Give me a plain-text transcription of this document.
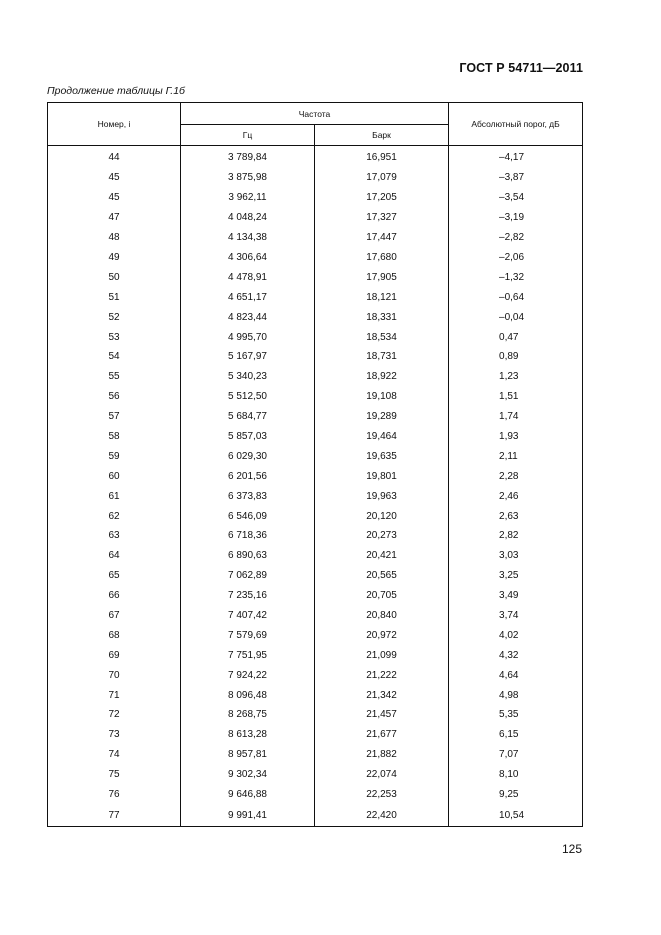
ГОСТ Р 54711—2011
Продолжение таблицы Г.1б
Номер, i	Частота		Абсолютный порог, дБ
	Гц	Барк	
44	3 789,84	16,951	–4,17
45	3 875,98	17,079	–3,87
45	3 962,11	17,205	–3,54
47	4 048,24	17,327	–3,19
48	4 134,38	17,447	–2,82
49	4 306,64	17,680	–2,06
50	4 478,91	17,905	–1,32
51	4 651,17	18,121	–0,64
52	4 823,44	18,331	–0,04
53	4 995,70	18,534	0,47
54	5 167,97	18,731	0,89
55	5 340,23	18,922	1,23
56	5 512,50	19,108	1,51
57	5 684,77	19,289	1,74
58	5 857,03	19,464	1,93
59	6 029,30	19,635	2,11
60	6 201,56	19,801	2,28
61	6 373,83	19,963	2,46
62	6 546,09	20,120	2,63
63	6 718,36	20,273	2,82
64	6 890,63	20,421	3,03
65	7 062,89	20,565	3,25
66	7 235,16	20,705	3,49
67	7 407,42	20,840	3,74
68	7 579,69	20,972	4,02
69	7 751,95	21,099	4,32
70	7 924,22	21,222	4,64
71	8 096,48	21,342	4,98
72	8 268,75	21,457	5,35
73	8 613,28	21,677	6,15
74	8 957,81	21,882	7,07
75	9 302,34	22,074	8,10
76	9 646,88	22,253	9,25
77	9 991,41	22,420	10,54
125
